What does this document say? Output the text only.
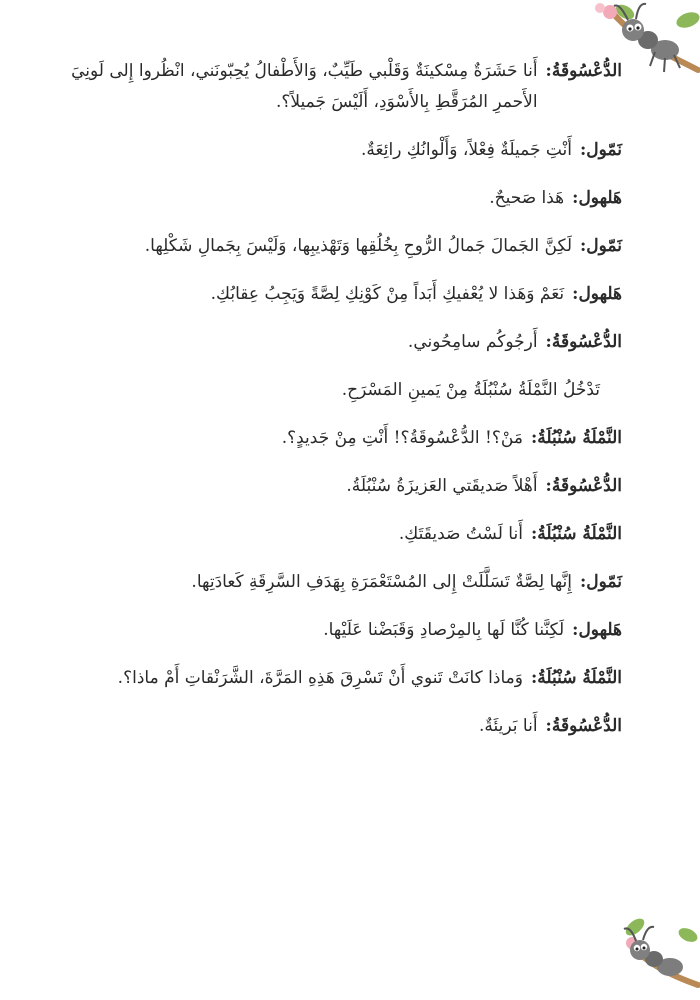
الدُّعْسُوقَةُ:
أَنا حَشَرَةٌ مِسْكينَةٌ وَقَلْبي طَيِّبٌ، وَالأَطْفالُ يُحِبّونَني، انْظُروا إِلى لَونِيَ الأَحمرِ المُرَقَّطِ بِالأَسْوَدِ، أَلَيْسَ جَميلاً؟.
نَمّول:
أَنْتِ جَميلَةٌ فِعْلاً، وَأَلْوانُكِ رائِعَةٌ.
هَلهول:
هَذا صَحيحٌ.
نَمّول:
لَكِنَّ الجَمالَ جَمالُ الرُّوحِ بِخُلُقِها وَتَهْذيبِها، وَلَيْسَ بِجَمالِ شَكْلِها.
هَلهول:
نَعَمْ وَهَذا لا يُعْفيكِ أَبَداً مِنْ كَوْنِكِ لِصَّةً وَيَجِبُ عِقابُكِ.
الدُّعْسُوقَةُ:
أَرجُوكُم سامِحُوني.
تَدْخُلُ النَّمْلَةُ سُنْبُلَةُ مِنْ يَمينِ المَسْرَحِ.
النَّمْلَةُ سُنْبُلَةُ:
مَنْ؟! الدُّعْسُوقَةُ؟! أَنْتِ مِنْ جَديدٍ؟.
الدُّعْسُوقَةُ:
أَهْلاً صَديقَتي العَزيزَةُ سُنْبُلَةُ.
النَّمْلَةُ سُنْبُلَةُ:
أَنا لَسْتُ صَديقَتَكِ.
نَمّول:
إِنَّها لِصَّةٌ تَسَلَّلَتْ إِلى المُسْتَعْمَرَةِ بِهَدَفِ السَّرِقَةِ كَعادَتِها.
هَلهول:
لَكِنَّنا كُنَّا لَها بِالمِرْصادِ وَقَبَضْنا عَلَيْها.
النَّمْلَةُ سُنْبُلَةُ:
وَماذا كانَتْ تَنوي أَنْ تَسْرِقَ هَذِهِ المَرَّةَ، الشَّرَنْقاتِ أَمْ ماذا؟.
الدُّعْسُوقَةُ:
أَنا بَريئَةٌ.
